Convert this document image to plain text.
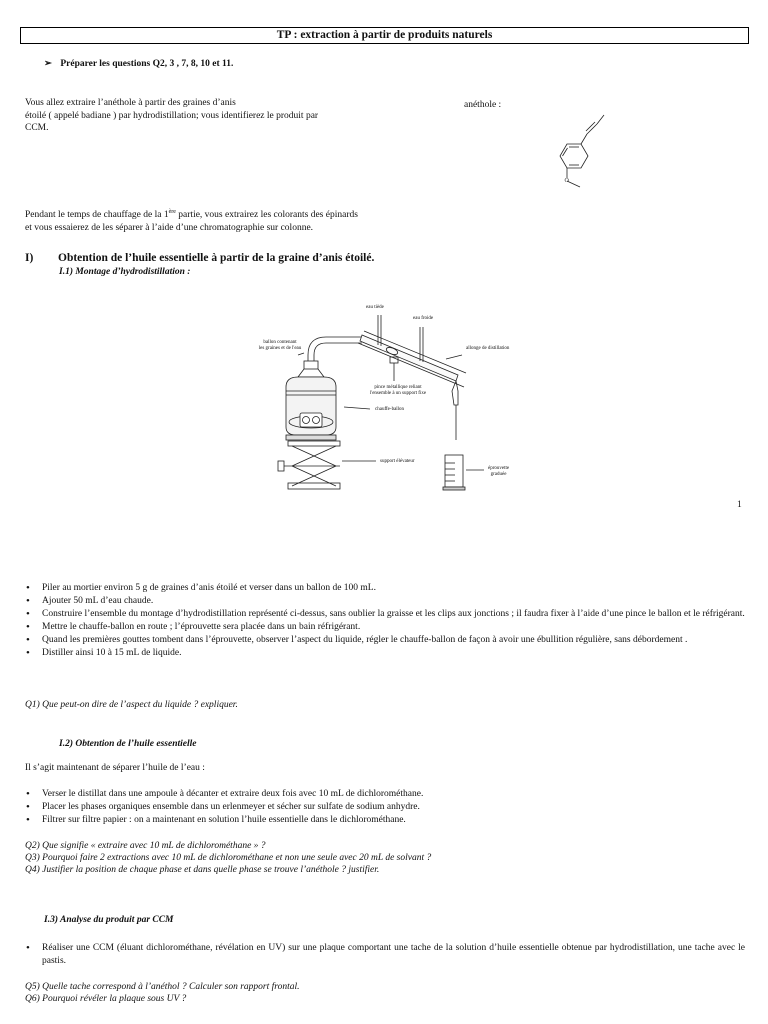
TP : extraction à partir de produits naturels
➢ Préparer les questions Q2, 3 , 7, 8, 10 et 11.
Vous allez extraire l’anéthole à partir des graines d’anis
étoilé ( appelé badiane ) par hydrodistillation; vous identifierez le produit par
CCM.
anéthole :
O
Pendant le temps de chauffage de la 1ère partie, vous extrairez les colorants des épinards
et vous essaierez de les séparer à l’aide d’une chromatographie sur colonne.
I) Obtention de l’huile essentielle à partir de la graine d’anis étoilé.
I.1) Montage d’hydrodistillation :
eau tiède
eau froide
ballon contenant
les graines et de l'eau	allonge de distillation
pince métallique reliant
l'ensemble à un support fixe
chauffe-ballon
support élévateur
éprouvette
graduée
1
• Piler au mortier environ 5 g de graines d’anis étoilé et verser dans un ballon de 100 mL.
• Ajouter 50 mL d’eau chaude.
• Construire l’ensemble du montage d’hydrodistillation représenté ci-dessus, sans oublier la graisse et les clips aux jonctions ; il faudra fixer à l’aide d’une pince le ballon et le réfrigérant.
• Mettre le chauffe-ballon en route ; l’éprouvette sera placée dans un bain réfrigérant.
• Quand les premières gouttes tombent dans l’éprouvette, observer l’aspect du liquide, régler le chauffe-ballon de façon à avoir une ébullition régulière, sans débordement .
• Distiller ainsi 10 à 15 mL de liquide.
Q1) Que peut-on dire de l’aspect du liquide ? expliquer.
I.2) Obtention de l’huile essentielle
Il s’agit maintenant de séparer l’huile de l’eau :
• Verser le distillat dans une ampoule à décanter et extraire deux fois avec 10 mL de dichlorométhane.
• Placer les phases organiques ensemble dans un erlenmeyer et sécher sur sulfate de sodium anhydre.
• Filtrer sur filtre papier : on a maintenant en solution l’huile essentielle dans le dichlorométhane.
Q2) Que signifie « extraire avec 10 mL de dichlorométhane » ?
Q3) Pourquoi faire 2 extractions avec 10 mL de dichlorométhane et non une seule avec 20 mL de solvant ?
Q4) Justifier la position de chaque phase et dans quelle phase se trouve l’anéthole ? justifier.
I.3) Analyse du produit par CCM
• Réaliser une CCM (éluant dichlorométhane, révélation en UV) sur une plaque comportant une tache de la solution d’huile essentielle obtenue par hydrodistillation, une tache avec le pastis.
Q5) Quelle tache correspond à l’anéthol ? Calculer son rapport frontal.
Q6) Pourquoi révéler la plaque sous UV ?
